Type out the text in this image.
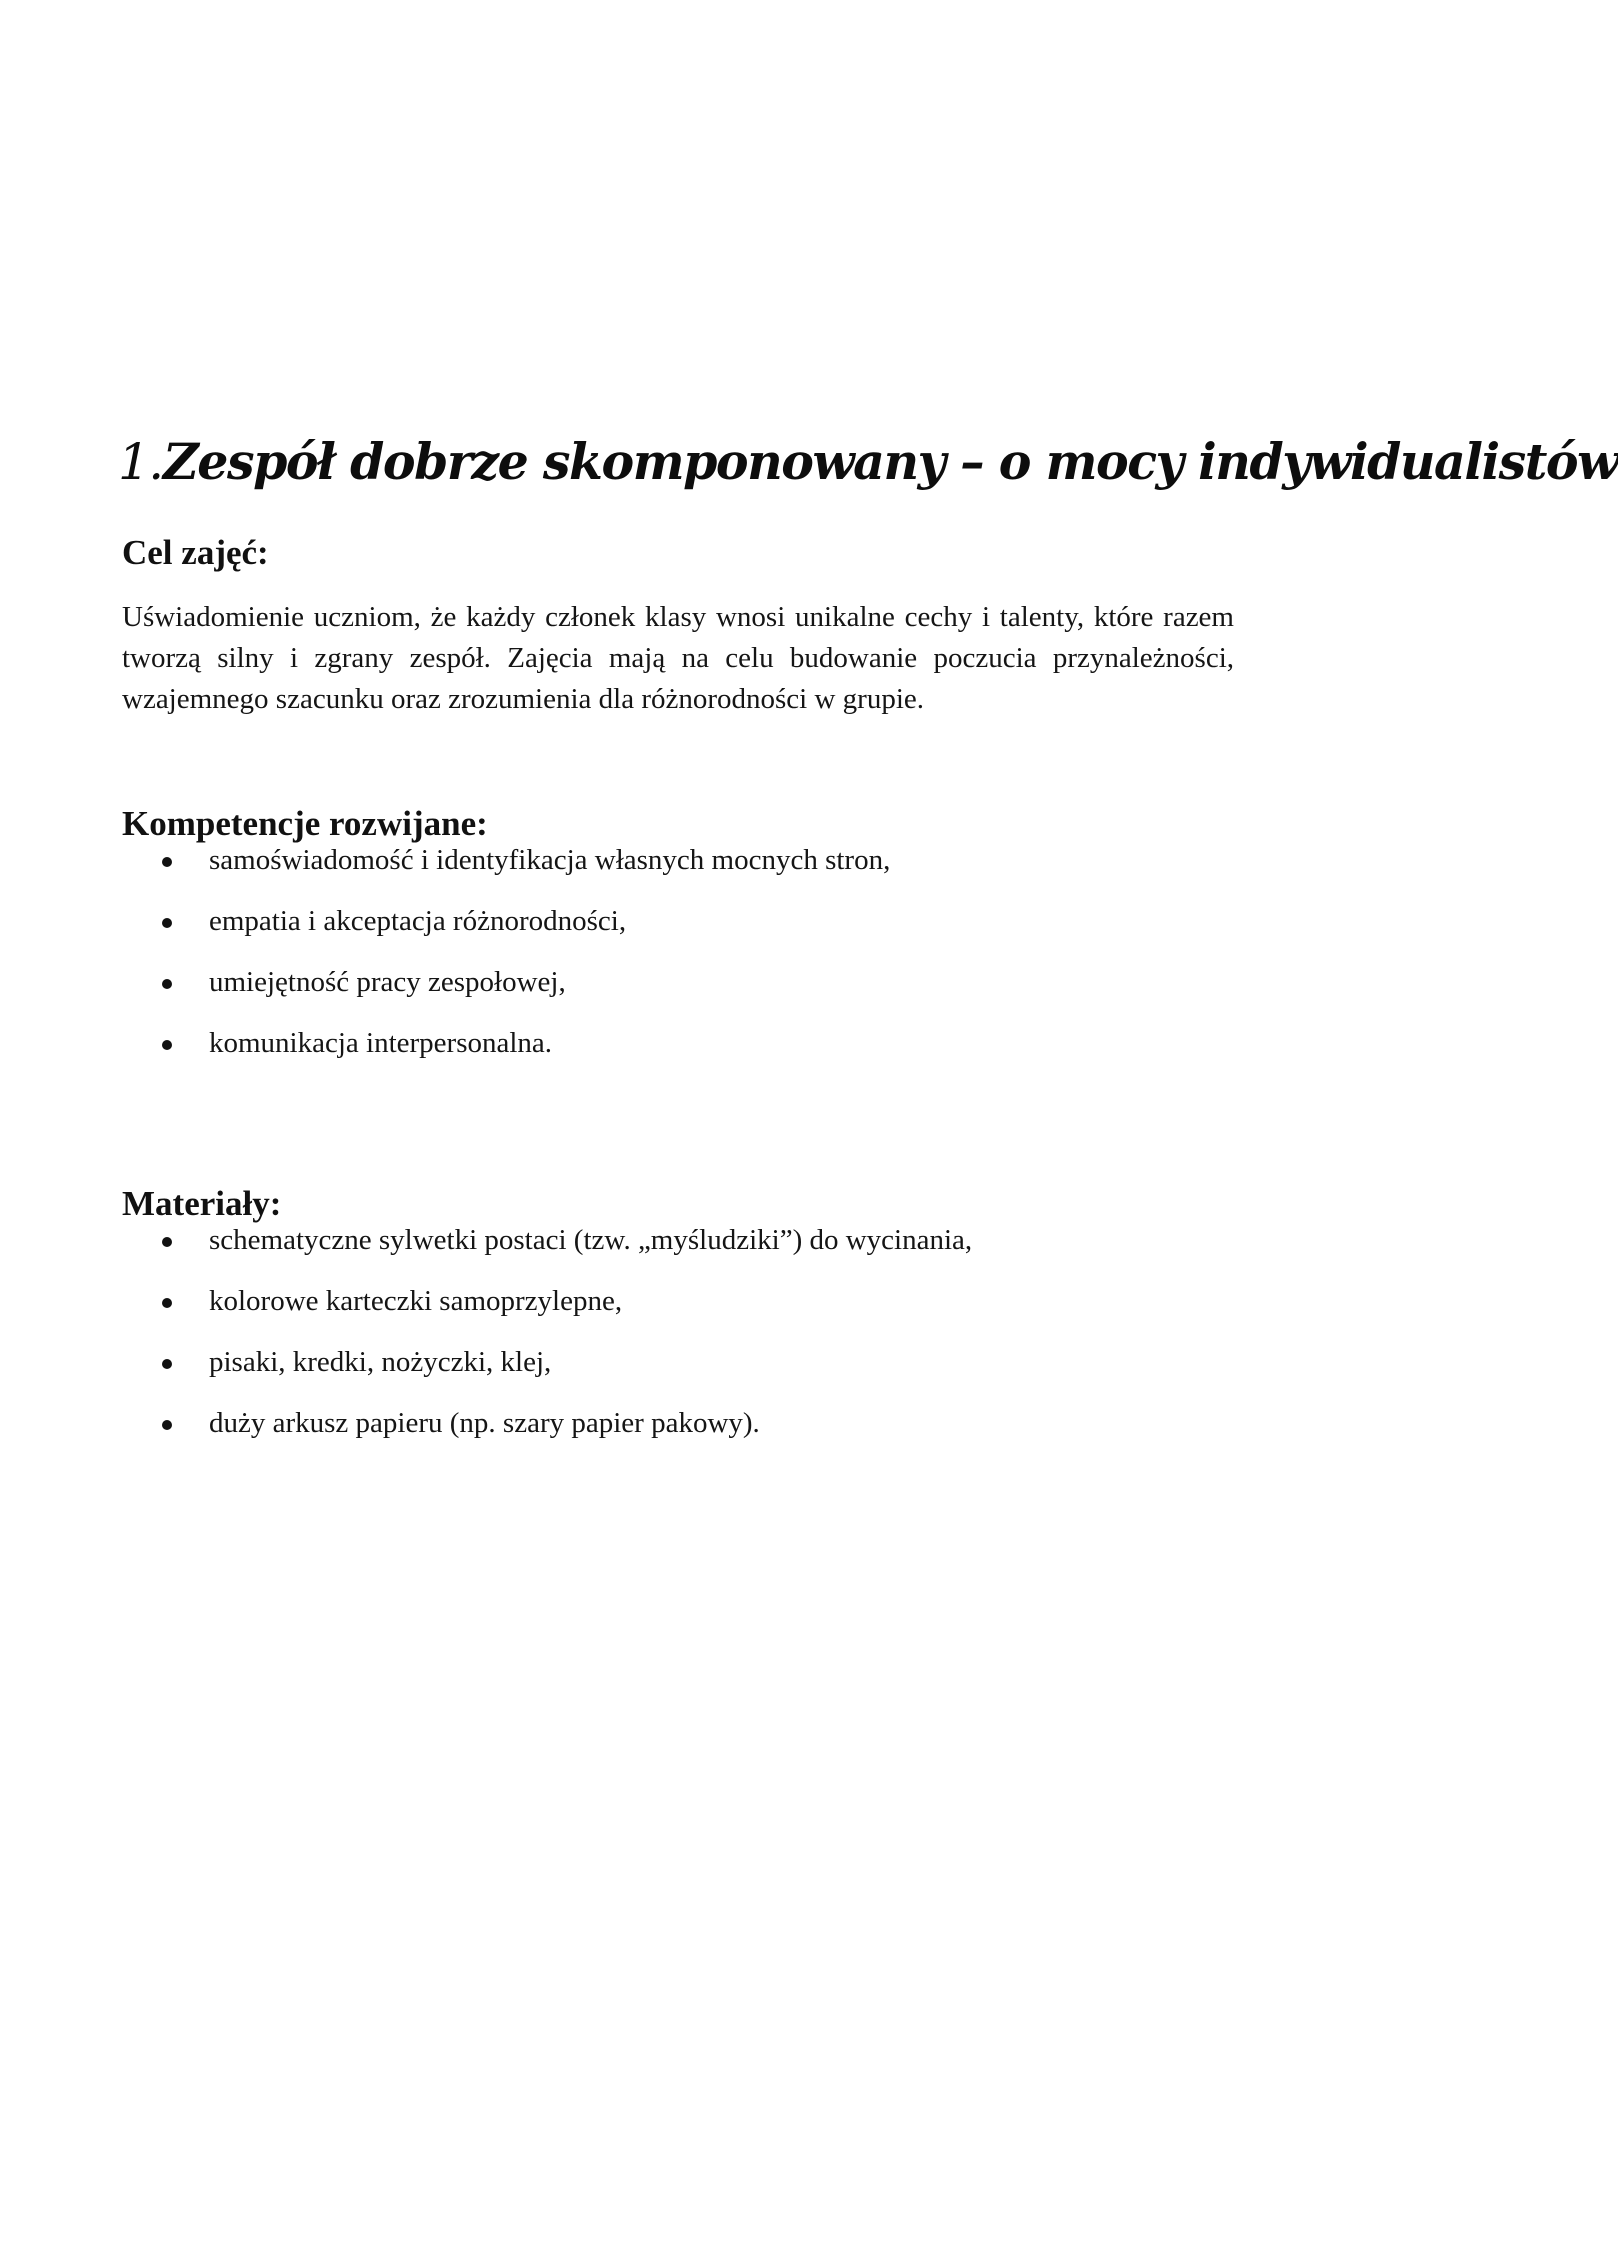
1. Zespół dobrze skomponowany – o mocy indywidualistów
Cel zajęć:

Uświadomienie uczniom, że każdy członek klasy wnosi unikalne cechy i talenty, które razem tworzą silny i zgrany zespół. Zajęcia mają na celu budowanie poczucia przynależności, wzajemnego szacunku oraz zrozumienia dla różnorodności w grupie.

Kompetencje rozwijane:
samoświadomość i identyfikacja własnych mocnych stron,
empatia i akceptacja różnorodności,
umiejętność pracy zespołowej,
komunikacja interpersonalna.
Materiały:
schematyczne sylwetki postaci (tzw. „myśludziki”) do wycinania,
kolorowe karteczki samoprzylepne,
pisaki, kredki, nożyczki, klej,
duży arkusz papieru (np. szary papier pakowy).
